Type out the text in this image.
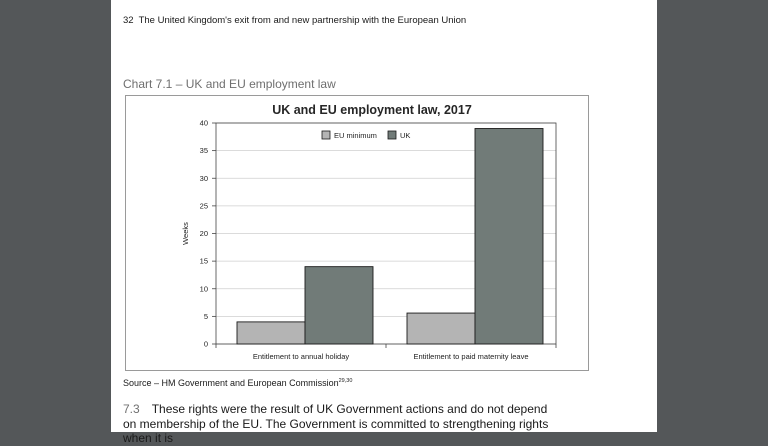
32 The United Kingdom's exit from and new partnership with the European Union
Chart 7.1 – UK and EU employment law
UK and EU employment law, 2017
0
5
10
15
20
25
30
35
40
Entitlement to annual holiday	Entitlement to paid maternity leave
Weeks
EU minimum	UK
Source – HM Government and European Commission$^{29,30}$
7.3 These rights were the result of UK Government actions and do not depend on membership of the EU. The Government is committed to strengthening rights when it is
